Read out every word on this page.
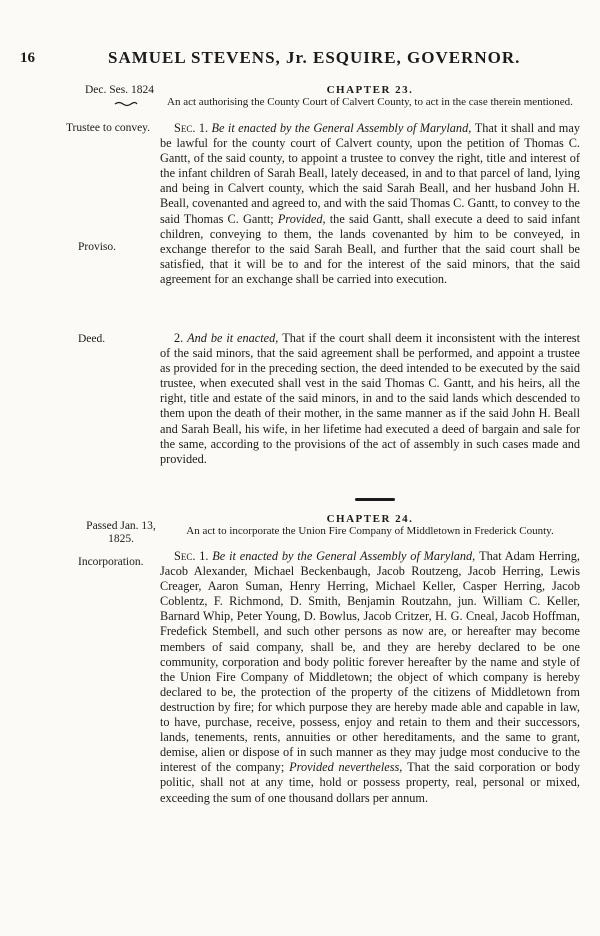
16	SAMUEL STEVENS, Jr. ESQUIRE, GOVERNOR.
Dec. Ses. 1824
Trustee to convey.
Proviso.
Deed.
Passed Jan. 13, 1825.
Incorporation.
CHAPTER 23.
An act authorising the County Court of Calvert County, to act in the case therein mentioned.
Sec. 1. Be it enacted by the General Assembly of Maryland, That it shall and may be lawful for the county court of Calvert county, upon the petition of Thomas C. Gantt, of the said county, to appoint a trustee to convey the right, title and interest of the infant children of Sarah Beall, lately deceased, in and to that parcel of land, lying and being in Calvert county, which the said Sarah Beall, and her husband John H. Beall, covenanted and agreed to, and with the said Thomas C. Gantt, to convey to the said Thomas C. Gantt; Provided, the said Gantt, shall execute a deed to said infant children, conveying to them, the lands covenanted by him to be conveyed, in exchange therefor to the said Sarah Beall, and further that the said court shall be satisfied, that it will be to and for the interest of the said minors, that the said agreement for an exchange shall be carried into execution.
2. And be it enacted, That if the court shall deem it inconsistent with the interest of the said minors, that the said agreement shall be performed, and appoint a trustee as provided for in the preceding section, the deed intended to be executed by the said trustee, when executed shall vest in the said Thomas C. Gantt, and his heirs, all the right, title and estate of the said minors, in and to the said lands which descended to them upon the death of their mother, in the same manner as if the said John H. Beall and Sarah Beall, his wife, in her lifetime had executed a deed of bargain and sale for the same, according to the provisions of the act of assembly in such cases made and provided.
CHAPTER 24.
An act to incorporate the Union Fire Company of Middletown in Frederick County.
Sec. 1. Be it enacted by the General Assembly of Maryland, That Adam Herring, Jacob Alexander, Michael Beckenbaugh, Jacob Routzeng, Jacob Herring, Lewis Creager, Aaron Suman, Henry Herring, Michael Keller, Casper Herring, Jacob Coblentz, F. Richmond, D. Smith, Benjamin Routzahn, jun. William C. Keller, Barnard Whip, Peter Young, D. Bowlus, Jacob Critzer, H. G. Cneal, Jacob Hoffman, Fredefick Stembell, and such other persons as now are, or hereafter may become members of said company, shall be, and they are hereby declared to be one community, corporation and body politic forever hereafter by the name and style of the Union Fire Company of Middletown; the object of which company is hereby declared to be, the protection of the property of the citizens of Middletown from destruction by fire; for which purpose they are hereby made able and capable in law, to have, purchase, receive, possess, enjoy and retain to them and their successors, lands, tenements, rents, annuities or other hereditaments, and the same to grant, demise, alien or dispose of in such manner as they may judge most conducive to the interest of the company; Provided nevertheless, That the said corporation or body politic, shall not at any time, hold or possess property, real, personal or mixed, exceeding the sum of one thousand dollars per annum.
